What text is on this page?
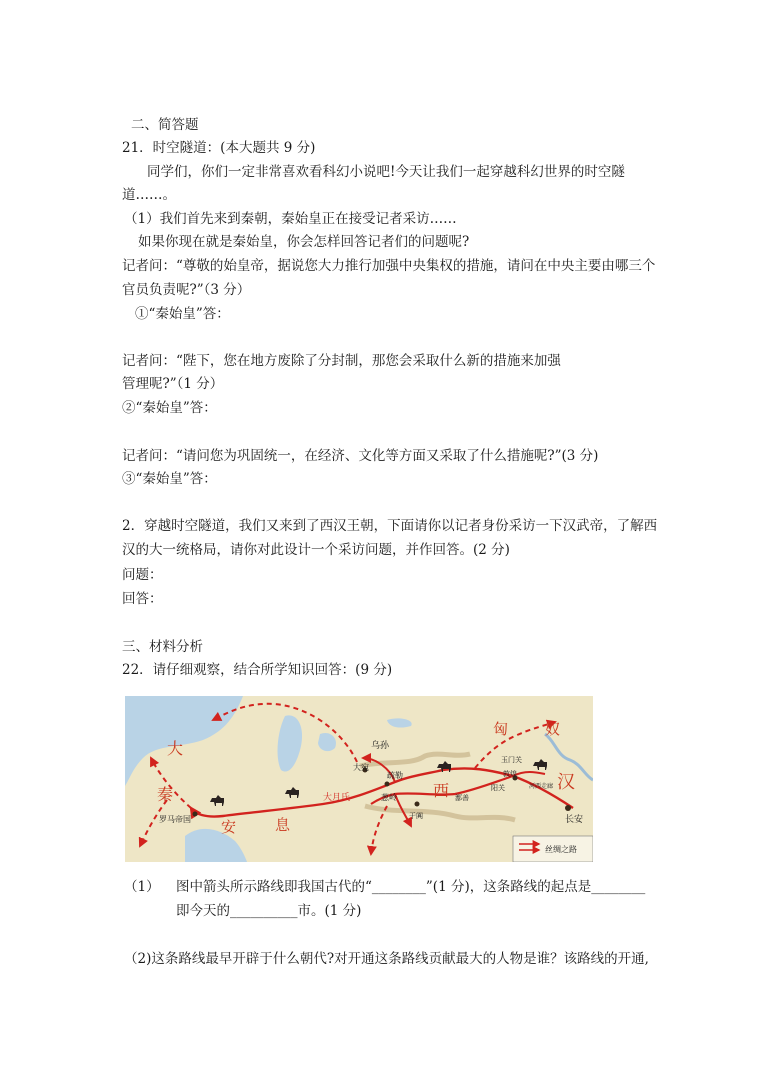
二、简答题
21．时空隧道：(本大题共 9 分)
同学们，你们一定非常喜欢看科幻小说吧!今天让我们一起穿越科幻世界的时空隧
道……。
（1）我们首先来到秦朝，秦始皇正在接受记者采访……
如果你现在就是秦始皇，你会怎样回答记者们的问题呢?
记者问：“尊敬的始皇帝，据说您大力推行加强中央集权的措施，请问在中央主要由哪三个
官员负责呢?”（3 分）
①“秦始皇”答：
记者问：“陛下，您在地方废除了分封制，那您会采取什么新的措施来加强
管理呢?”（1 分）
②“秦始皇”答：
记者问：“请问您为巩固统一，在经济、文化等方面又采取了什么措施呢?”(3 分)
③“秦始皇”答：
2．穿越时空隧道，我们又来到了西汉王朝，下面请你以记者身份采访一下汉武帝，了解西
汉的大一统格局，请你对此设计一个采访问题，并作回答。(2 分)
问题：
回答：
三、材料分析
22．请仔细观察，结合所学知识回答：(9 分)
匈 奴
大
秦
安	息
西	汉
大宛
疏勒
葱岭
大月氏
乌孙
玉门关
敦煌
阳关	河西走廊
鄯善
于阗	长安
罗马帝国
丝绸之路
（1） 图中箭头所示路线即我国古代的“________”(1 分)，这条路线的起点是________
即今天的__________市。(1 分)
（2)这条路线最早开辟于什么朝代?对开通这条路线贡献最大的人物是谁？该路线的开通,
